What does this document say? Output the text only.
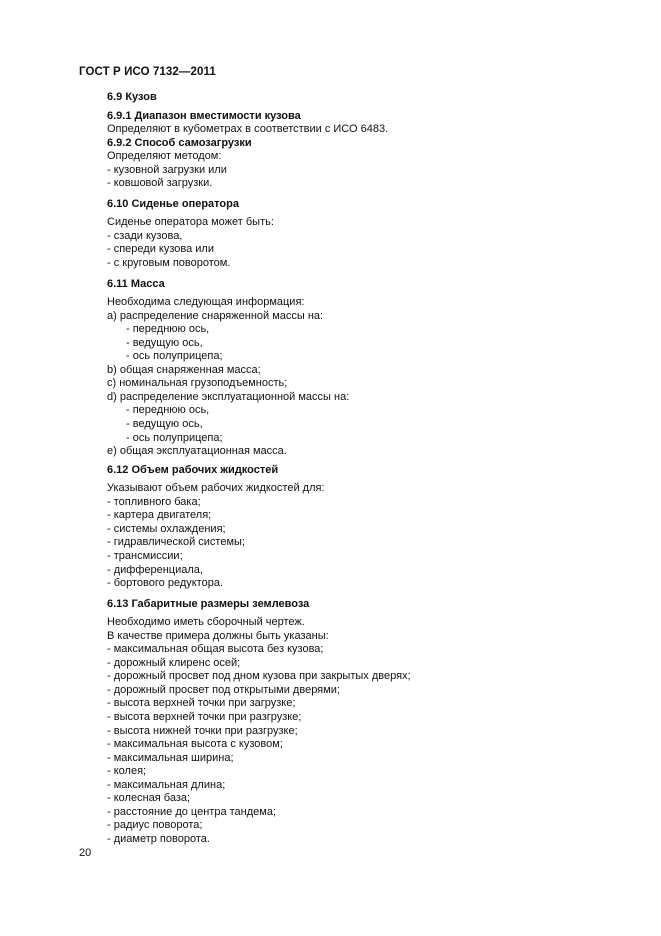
ГОСТ Р ИСО 7132—2011
6.9 Кузов
6.9.1 Диапазон вместимости кузова
Определяют в кубометрах в соответствии с ИСО 6483.
6.9.2 Способ самозагрузки
Определяют методом:
- кузовной загрузки или
- ковшовой загрузки.
6.10 Сиденье оператора
Сиденье оператора может быть:
- сзади кузова,
- спереди кузова или
- с круговым поворотом.
6.11 Масса
Необходима следующая информация:
а) распределение снаряженной массы на:
- переднюю ось,
- ведущую ось,
- ось полуприцепа;
b) общая снаряженная масса;
c) номинальная грузоподъемность;
d) распределение эксплуатационной массы на:
- переднюю ось,
- ведущую ось,
- ось полуприцепа;
e) общая эксплуатационная масса.
6.12 Объем рабочих жидкостей
Указывают объем рабочих жидкостей для:
- топливного бака;
- картера двигателя;
- системы охлаждения;
- гидравлической системы;
- трансмиссии;
- дифференциала,
- бортового редуктора.
6.13 Габаритные размеры землевоза
Необходимо иметь сборочный чертеж.
В качестве примера должны быть указаны:
- максимальная общая высота без кузова;
- дорожный клиренс осей;
- дорожный просвет под дном кузова при закрытых дверях;
- дорожный просвет под открытыми дверями;
- высота верхней точки при загрузке;
- высота верхней точки при разгрузке;
- высота нижней точки при разгрузке;
- максимальная высота с кузовом;
- максимальная ширина;
- колея;
- максимальная длина;
- колесная база;
- расстояние до центра тандема;
- радиус поворота;
- диаметр поворота.
20
